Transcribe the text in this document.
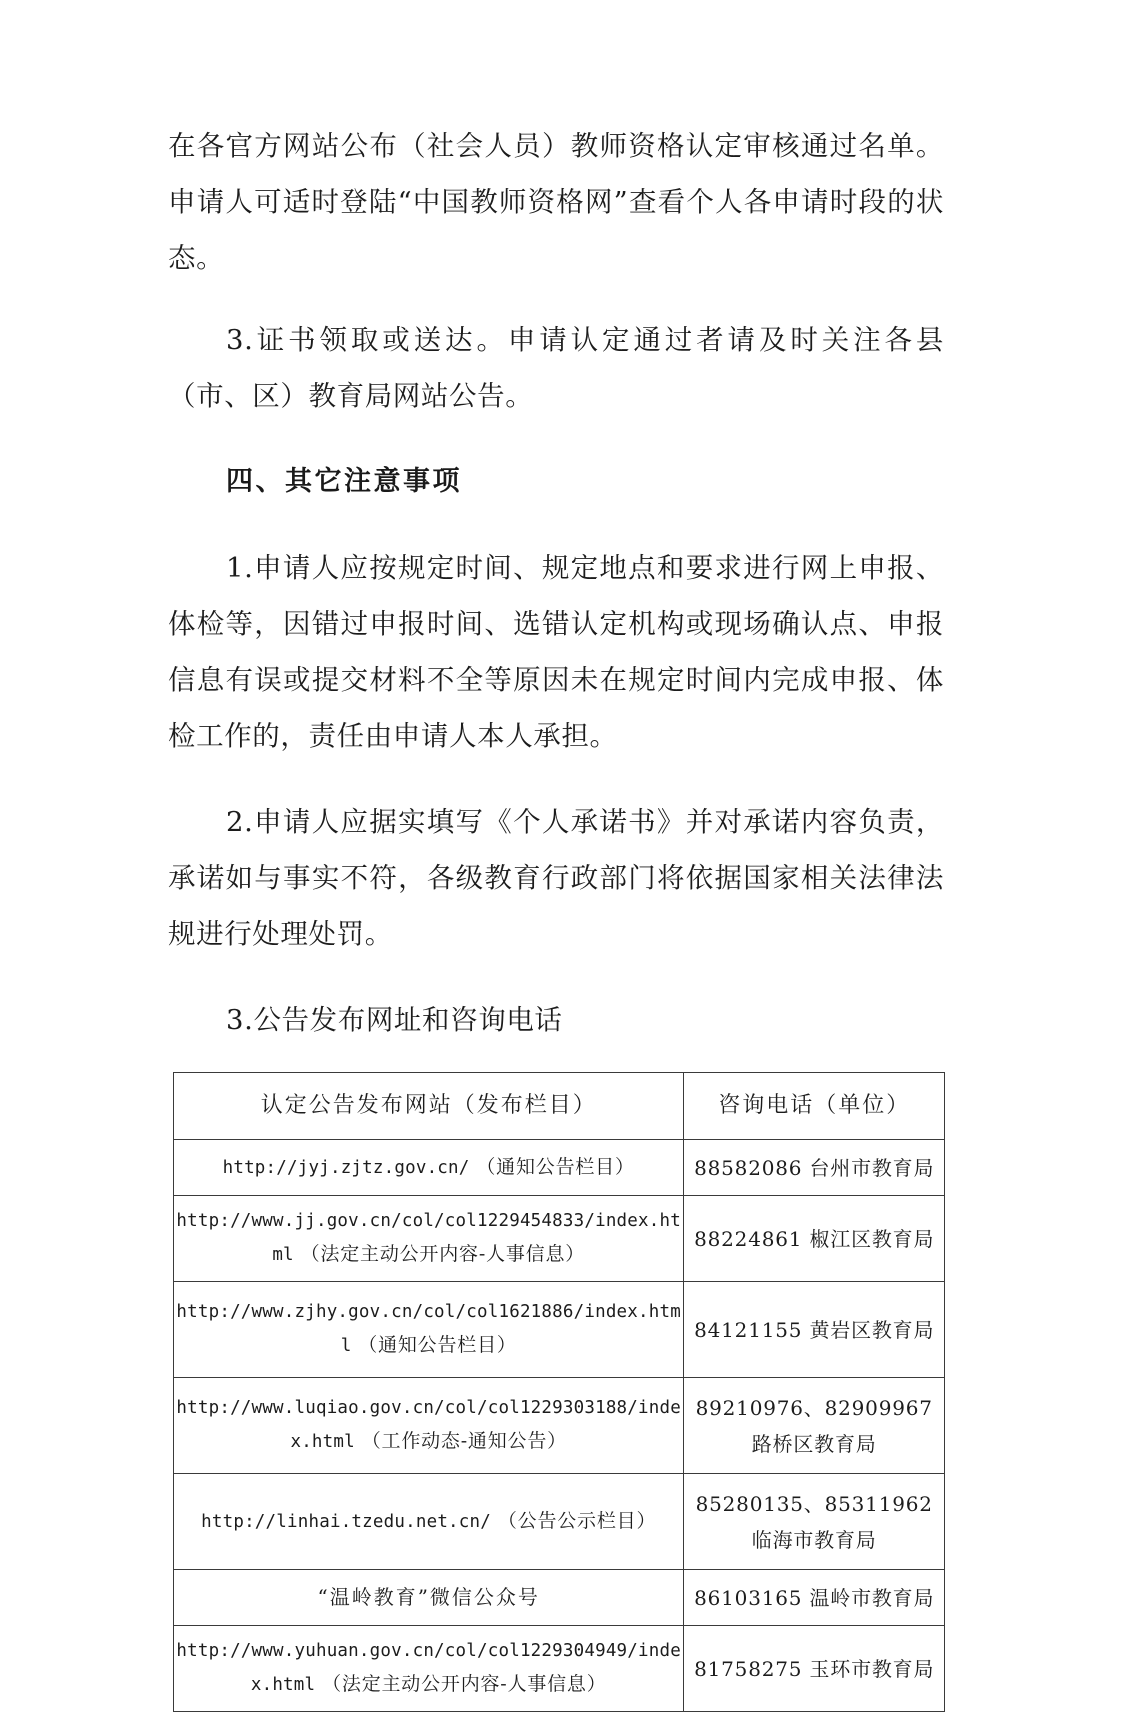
在各官方网站公布（社会人员）教师资格认定审核通过名单。申请人可适时登陆“中国教师资格网”查看个人各申请时段的状态。

3.证书领取或送达。申请认定通过者请及时关注各县（市、区）教育局网站公告。

四、其它注意事项

1.申请人应按规定时间、规定地点和要求进行网上申报、体检等，因错过申报时间、选错认定机构或现场确认点、申报信息有误或提交材料不全等原因未在规定时间内完成申报、体检工作的，责任由申请人本人承担。

2.申请人应据实填写《个人承诺书》并对承诺内容负责，承诺如与事实不符，各级教育行政部门将依据国家相关法律法规进行处理处罚。

3.公告发布网址和咨询电话

认定公告发布网站（发布栏目）	咨询电话（单位）
http://jyj.zjtz.gov.cn/ （通知公告栏目）	88582086 台州市教育局

http://www.jj.gov.cn/col/col1229454833/index.html （法定主动公开内容-人事信息）	88224861 椒江区教育局

http://www.zjhy.gov.cn/col/col1621886/index.html （通知公告栏目）	84121155 黄岩区教育局

http://www.luqiao.gov.cn/col/col1229303188/index.html （工作动态-通知公告）	89210976、82909967
路桥区教育局

http://linhai.tzedu.net.cn/ （公告公示栏目）	85280135、85311962
临海市教育局

“温岭教育”微信公众号	86103165 温岭市教育局

http://www.yuhuan.gov.cn/col/col1229304949/index.html （法定主动公开内容-人事信息）	81758275 玉环市教育局
